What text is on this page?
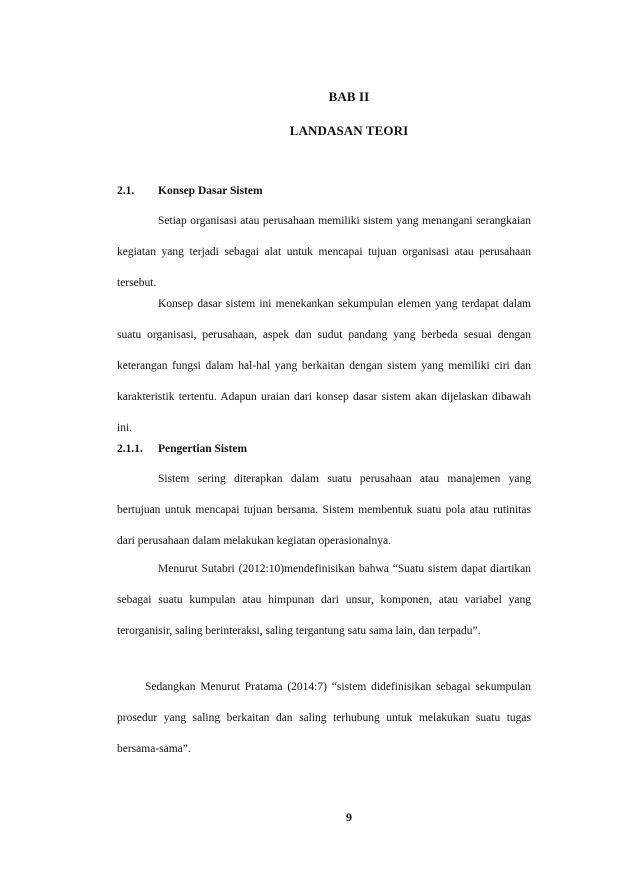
BAB II
LANDASAN TEORI
2.1. Konsep Dasar Sistem

Setiap organisasi atau perusahaan memiliki sistem yang menangani serangkaian kegiatan yang terjadi sebagai alat untuk mencapai tujuan organisasi atau perusahaan tersebut.

Konsep dasar sistem ini menekankan sekumpulan elemen yang terdapat dalam suatu organisasi, perusahaan, aspek dan sudut pandang yang berbeda sesuai dengan keterangan fungsi dalam hal-hal yang berkaitan dengan sistem yang memiliki ciri dan karakteristik tertentu. Adapun uraian dari konsep dasar sistem akan dijelaskan dibawah ini.

2.1.1. Pengertian Sistem

Sistem sering diterapkan dalam suatu perusahaan atau manajemen yang bertujuan untuk mencapai tujuan bersama. Sistem membentuk suatu pola atau rutinitas dari perusahaan dalam melakukan kegiatan operasionalnya.

Menurut Sutabri (2012:10)mendefinisikan bahwa “Suatu sistem dapat diartikan sebagai suatu kumpulan atau himpunan dari unsur, komponen, atau variabel yang terorganisir, saling berinteraksi, saling tergantung satu sama lain, dan terpadu”.

Sedangkan Menurut Pratama (2014:7) “sistem didefinisikan sebagai sekumpulan prosedur yang saling berkaitan dan saling terhubung untuk melakukan suatu tugas bersama-sama”.

9
